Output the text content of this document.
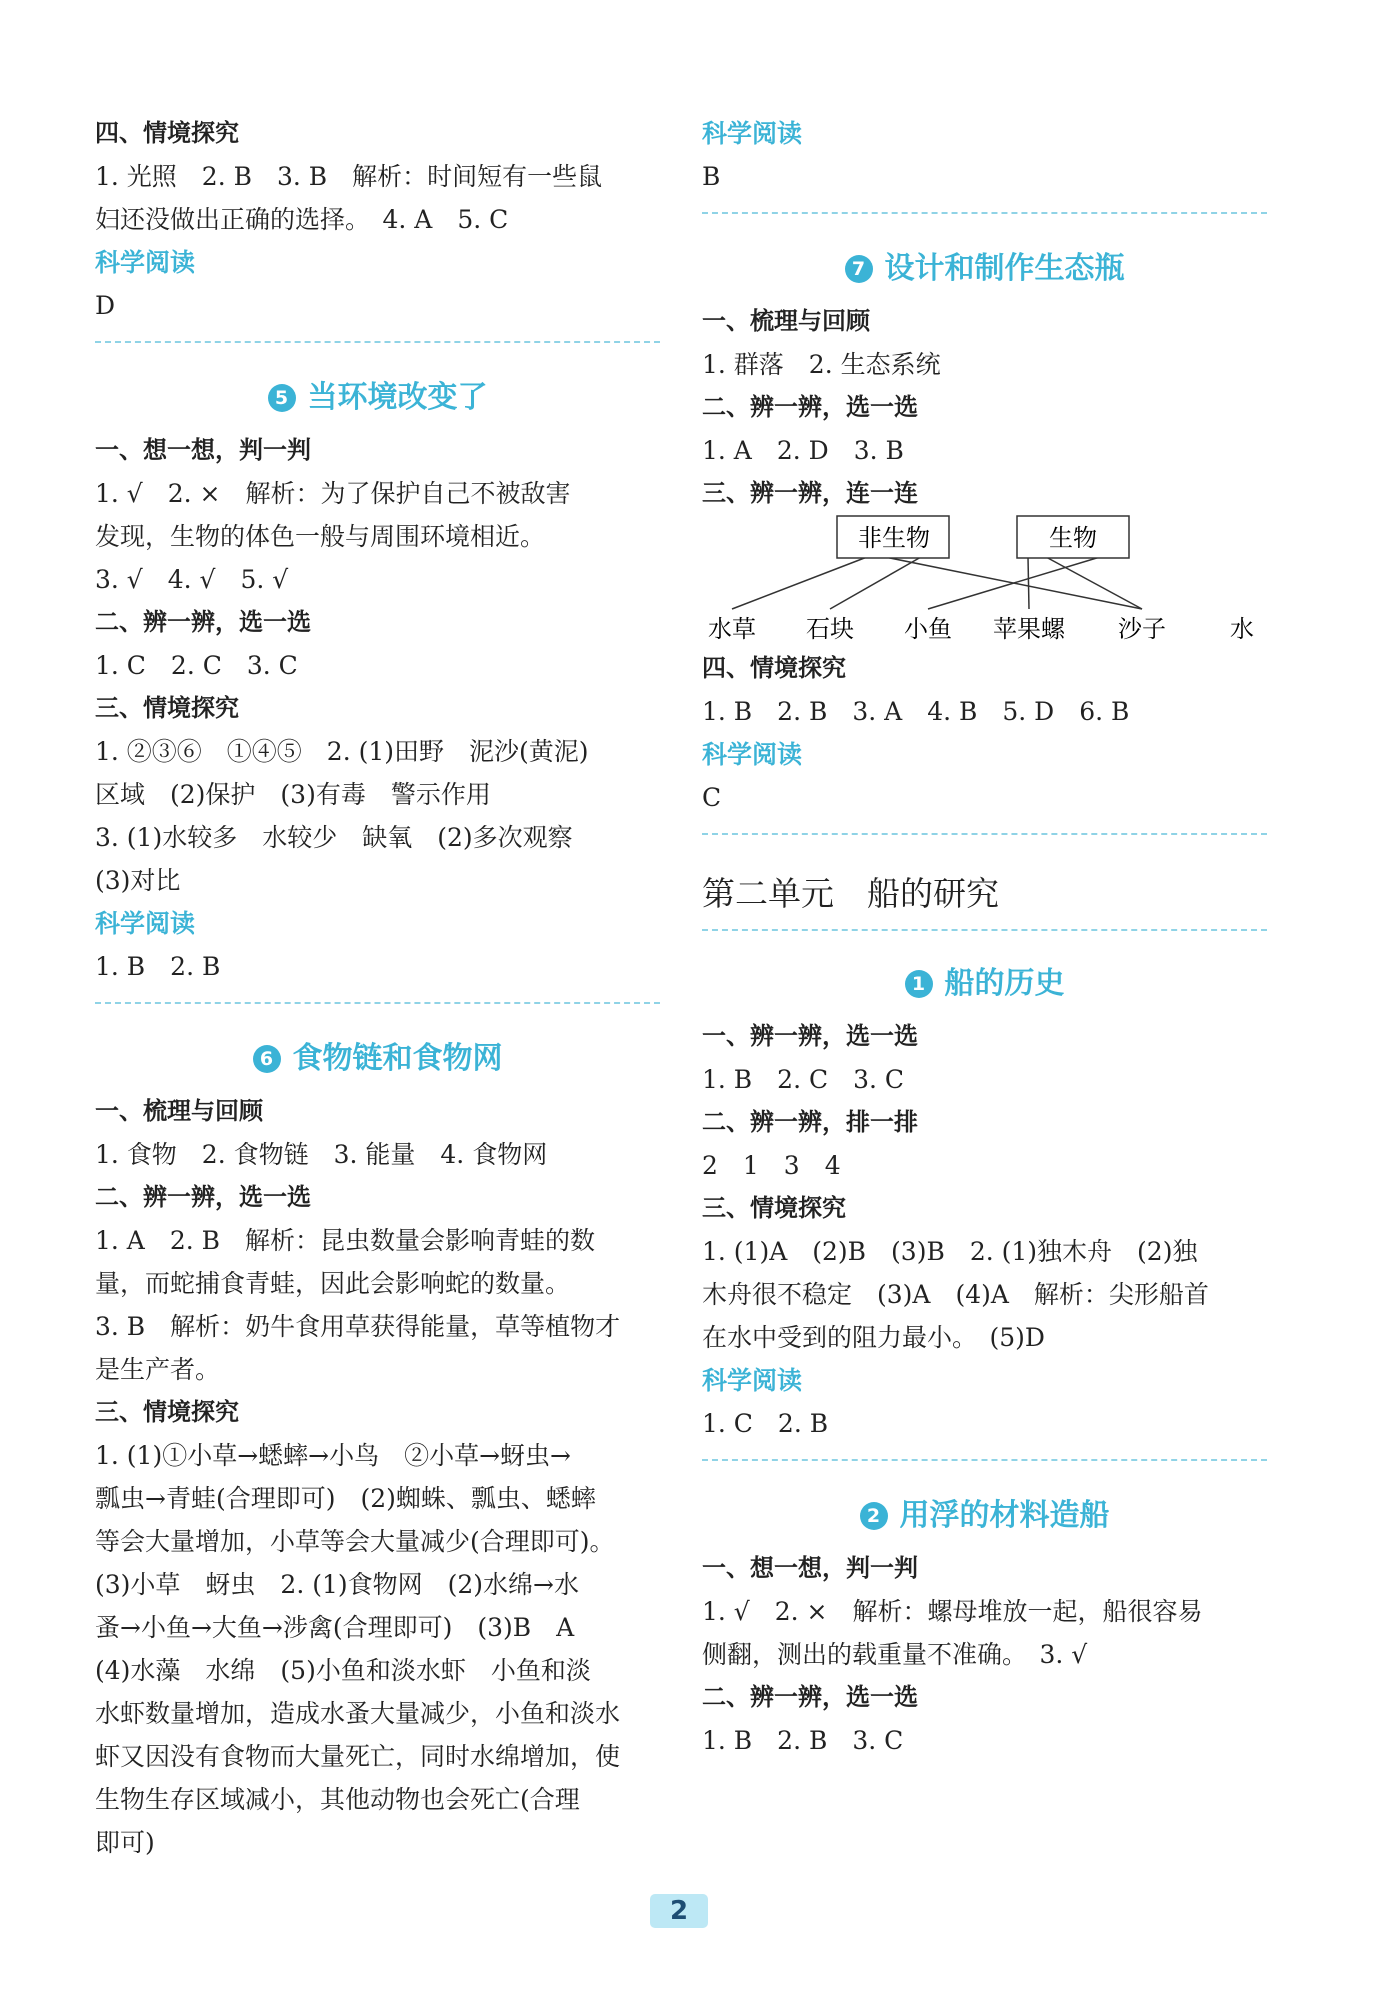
四、情境探究
1. 光照　2. B　3. B　解析：时间短有一些鼠
妇还没做出正确的选择。　4. A　5. C
科学阅读
D
5 当环境改变了
一、想一想，判一判
1. √　2. ×　解析：为了保护自己不被敌害
发现，生物的体色一般与周围环境相近。
3. √　4. √　5. √
二、辨一辨，选一选
1. C　2. C　3. C
三、情境探究
1. ②③⑥　①④⑤　2. (1)田野　泥沙(黄泥)
区域　(2)保护　(3)有毒　警示作用
3. (1)水较多　水较少　缺氧　(2)多次观察
(3)对比
科学阅读
1. B　2. B
6 食物链和食物网
一、梳理与回顾
1. 食物　2. 食物链　3. 能量　4. 食物网
二、辨一辨，选一选
1. A　2. B　解析：昆虫数量会影响青蛙的数
量，而蛇捕食青蛙，因此会影响蛇的数量。
3. B　解析：奶牛食用草获得能量，草等植物才
是生产者。
三、情境探究
1. (1)①小草→蟋蟀→小鸟　②小草→蚜虫→
瓢虫→青蛙(合理即可)　(2)蜘蛛、瓢虫、蟋蟀
等会大量增加，小草等会大量减少(合理即可)。
(3)小草　蚜虫　2. (1)食物网　(2)水绵→水
蚤→小鱼→大鱼→涉禽(合理即可)　(3)B　A
(4)水藻　水绵　(5)小鱼和淡水虾　小鱼和淡
水虾数量增加，造成水蚤大量减少，小鱼和淡水
虾又因没有食物而大量死亡，同时水绵增加，使
生物生存区域减小，其他动物也会死亡(合理
即可)
科学阅读
B
7 设计和制作生态瓶
一、梳理与回顾
1. 群落　2. 生态系统
二、辨一辨，选一选
1. A　2. D　3. B
三、辨一辨，连一连
非生物	生物
水草 石块 小鱼 苹果螺 沙子	水
四、情境探究
1. B　2. B　3. A　4. B　5. D　6. B
科学阅读
C
第二单元　船的研究
1 船的历史
一、辨一辨，选一选
1. B　2. C　3. C
二、辨一辨，排一排
2　1　3　4
三、情境探究
1. (1)A　(2)B　(3)B　2. (1)独木舟　(2)独
木舟很不稳定　(3)A　(4)A　解析：尖形船首
在水中受到的阻力最小。　(5)D
科学阅读
1. C　2. B
2 用浮的材料造船
一、想一想，判一判
1. √　2. ×　解析：螺母堆放一起，船很容易
侧翻，测出的载重量不准确。　3. √
二、辨一辨，选一选
1. B　2. B　3. C
2
